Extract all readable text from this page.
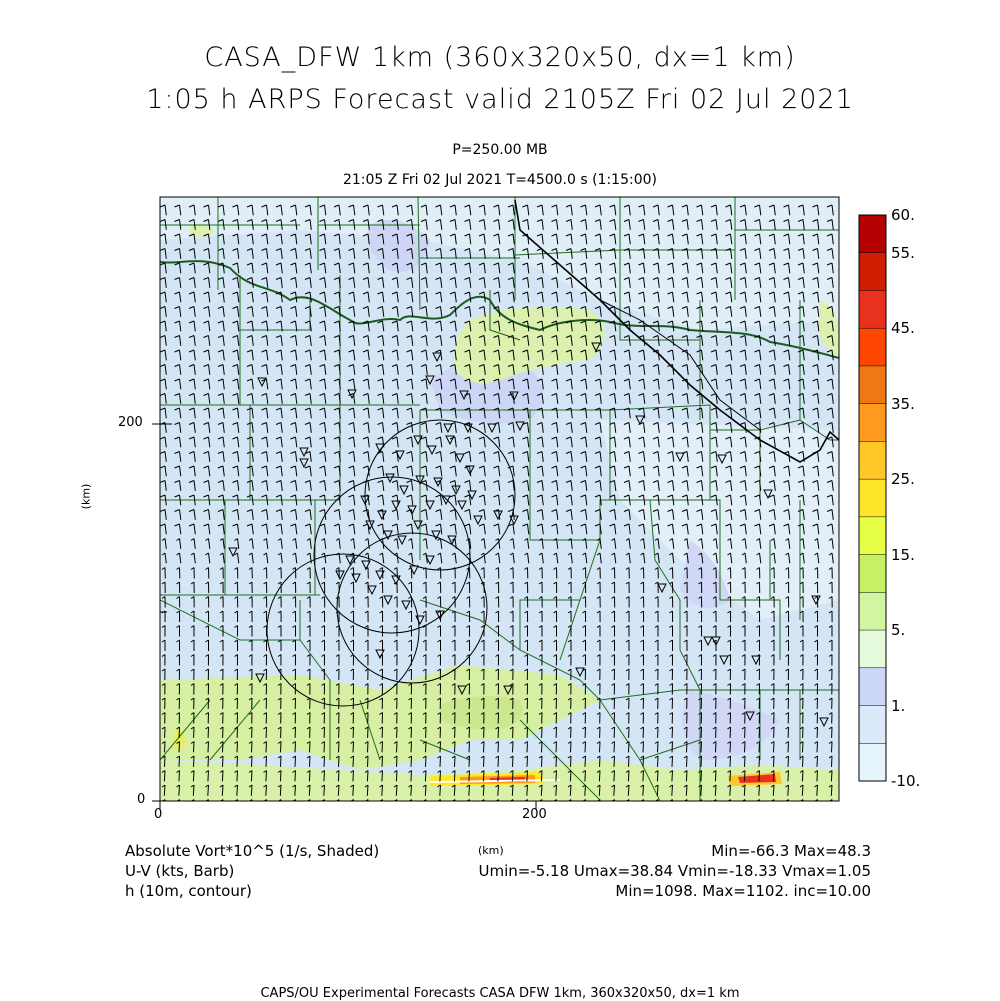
CASA_DFW 1km (360x320x50, dx=1 km)
1:05 h ARPS Forecast valid 2105Z Fri 02 Jul 2021
P=250.00 MB
21:05 Z Fri 02 Jul 2021 T=4500.0 s (1:15:00)
0	200
0
200
(km)
(km)
60.
55.
45.
35.
25.
15.
5.
1.
-10.
Absolute Vort*10^5 (1/s, Shaded)
U-V (kts, Barb)
h (10m, contour)
Min=-66.3 Max=48.3
Umin=-5.18 Umax=38.84 Vmin=-18.33 Vmax=1.05
Min=1098. Max=1102. inc=10.00
CAPS/OU Experimental Forecasts CASA DFW 1km, 360x320x50, dx=1 km
